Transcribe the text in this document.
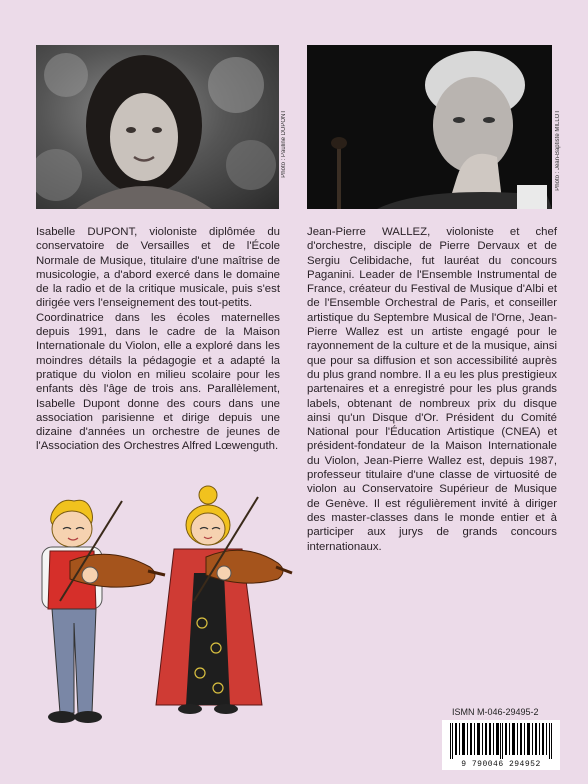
Photo : Pauline DUPONT	Photo : Jean-Baptiste MILLOT

Isabelle DUPONT, violoniste diplômée du conservatoire de Versailles et de l'École Normale de Musique, titulaire d'une maîtrise de musicologie, a d'abord exercé dans le domaine de la radio et de la critique musicale, puis s'est dirigée vers l'enseignement des tout-petits.

Coordinatrice dans les écoles maternelles depuis 1991, dans le cadre de la Maison Internationale du Violon, elle a exploré dans les moindres détails la pédagogie et a adapté la pratique du violon en milieu scolaire pour les enfants dès l'âge de trois ans. Parallèlement, Isabelle Dupont donne des cours dans une association parisienne et dirige depuis une dizaine d'années un orchestre de jeunes de l'Association des Orchestres Alfred Lœwenguth.

Jean-Pierre WALLEZ, violoniste et chef d'orchestre, disciple de Pierre Dervaux et de Sergiu Celibidache, fut lauréat du concours Paganini. Leader de l'Ensemble Instrumental de France, créateur du Festival de Musique d'Albi et de l'Ensemble Orchestral de Paris, et conseiller artistique du Septembre Musical de l'Orne, Jean-Pierre Wallez est un artiste engagé pour le rayonnement de la culture et de la musique, ainsi que pour sa diffusion et son accessibilité auprès du plus grand nombre. Il a eu les plus prestigieux partenaires et a enregistré pour les plus grands labels, obtenant de nombreux prix du disque ainsi qu'un Disque d'Or. Président du Comité National pour l'Éducation Artistique (CNEA) et président-fondateur de la Maison Internationale du Violon, Jean-Pierre Wallez est, depuis 1987, professeur titulaire d'une classe de virtuosité de violon au Conservatoire Supérieur de Musique de Genève. Il est régulièrement invité à diriger des master-classes dans le monde entier et à participer aux jurys de grands concours internationaux.

ISMN M-046-29495-2
9 790046 294952
